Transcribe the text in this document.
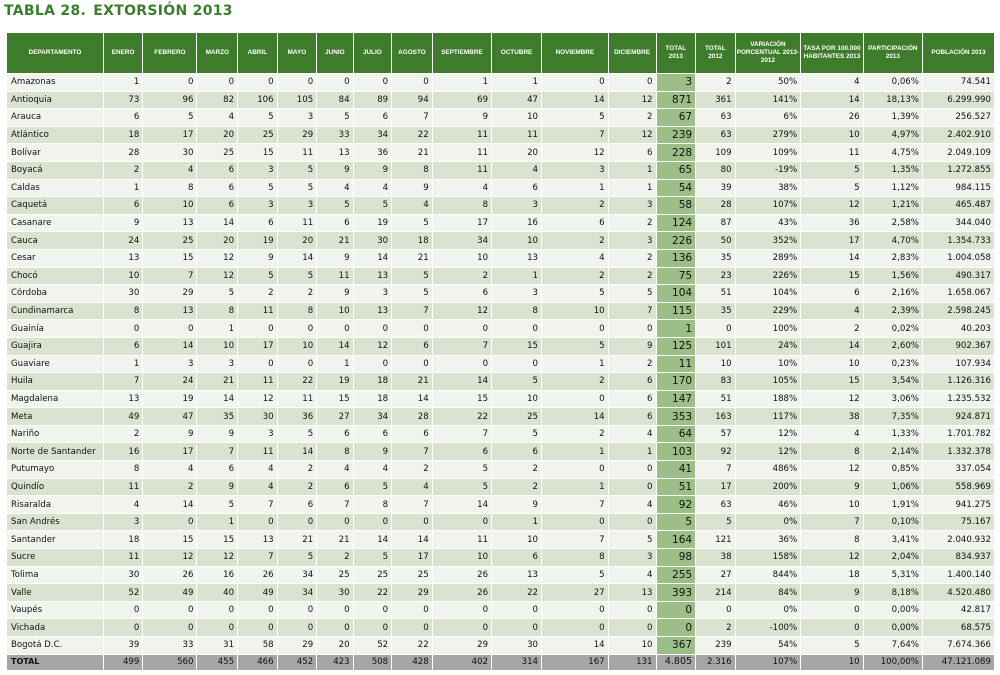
TABLA 28. EXTORSIÓN 2013
DEPARTAMENTO	ENERO	FEBRERO	MARZO	ABRIL	MAYO	JUNIO	JULIO	AGOSTO	SEPTIEMBRE	OCTUBRE	NOVIEMBRE	DICIEMBRE	TOTAL 2013	TOTAL 2012	VARIACIÓN PORCENTUAL 2013-2012	TASA POR 100.000 HABITANTES 2013	PARTICIPACIÓN 2013	POBLACIÓN 2013
Amazonas	1	0	0	0	0	0	0	0	1	1	0	0	3	2	50%	4	0,06%	74.541
Antioquia	73	96	82	106	105	84	89	94	69	47	14	12	871	361	141%	14	18,13%	6.299.990
Arauca	6	5	4	5	3	5	6	7	9	10	5	2	67	63	6%	26	1,39%	256.527
Atlántico	18	17	20	25	29	33	34	22	11	11	7	12	239	63	279%	10	4,97%	2.402.910
Bolívar	28	30	25	15	11	13	36	21	11	20	12	6	228	109	109%	11	4,75%	2.049.109
Boyacá	2	4	6	3	5	9	9	8	11	4	3	1	65	80	-19%	5	1,35%	1.272.855
Caldas	1	8	6	5	5	4	4	9	4	6	1	1	54	39	38%	5	1,12%	984.115
Caquetá	6	10	6	3	3	5	5	4	8	3	2	3	58	28	107%	12	1,21%	465.487
Casanare	9	13	14	6	11	6	19	5	17	16	6	2	124	87	43%	36	2,58%	344.040
Cauca	24	25	20	19	20	21	30	18	34	10	2	3	226	50	352%	17	4,70%	1.354.733
Cesar	13	15	12	9	14	9	14	21	10	13	4	2	136	35	289%	14	2,83%	1.004.058
Chocó	10	7	12	5	5	11	13	5	2	1	2	2	75	23	226%	15	1,56%	490.317
Córdoba	30	29	5	2	2	9	3	5	6	3	5	5	104	51	104%	6	2,16%	1.658.067
Cundinamarca	8	13	8	11	8	10	13	7	12	8	10	7	115	35	229%	4	2,39%	2.598.245
Guainía	0	0	1	0	0	0	0	0	0	0	0	0	1	0	100%	2	0,02%	40.203
Guajira	6	14	10	17	10	14	12	6	7	15	5	9	125	101	24%	14	2,60%	902.367
Guaviare	1	3	3	0	0	1	0	0	0	0	1	2	11	10	10%	10	0,23%	107.934
Huila	7	24	21	11	22	19	18	21	14	5	2	6	170	83	105%	15	3,54%	1.126.316
Magdalena	13	19	14	12	11	15	18	14	15	10	0	6	147	51	188%	12	3,06%	1.235.532
Meta	49	47	35	30	36	27	34	28	22	25	14	6	353	163	117%	38	7,35%	924.871
Nariño	2	9	9	3	5	6	6	6	7	5	2	4	64	57	12%	4	1,33%	1.701.782
Norte de Santander	16	17	7	11	14	8	9	7	6	6	1	1	103	92	12%	8	2,14%	1.332.378
Putumayo	8	4	6	4	2	4	4	2	5	2	0	0	41	7	486%	12	0,85%	337.054
Quindío	11	2	9	4	2	6	5	4	5	2	1	0	51	17	200%	9	1,06%	558.969
Risaralda	4	14	5	7	6	7	8	7	14	9	7	4	92	63	46%	10	1,91%	941.275
San Andrés	3	0	1	0	0	0	0	0	0	1	0	0	5	5	0%	7	0,10%	75.167
Santander	18	15	15	13	21	21	14	14	11	10	7	5	164	121	36%	8	3,41%	2.040.932
Sucre	11	12	12	7	5	2	5	17	10	6	8	3	98	38	158%	12	2,04%	834.937
Tolima	30	26	16	26	34	25	25	25	26	13	5	4	255	27	844%	18	5,31%	1.400.140
Valle	52	49	40	49	34	30	22	29	26	22	27	13	393	214	84%	9	8,18%	4.520.480
Vaupés	0	0	0	0	0	0	0	0	0	0	0	0	0	0	0%	0	0,00%	42.817
Vichada	0	0	0	0	0	0	0	0	0	0	0	0	0	2	-100%	0	0,00%	68.575
Bogotá D.C.	39	33	31	58	29	20	52	22	29	30	14	10	367	239	54%	5	7,64%	7.674.366
TOTAL	499	560	455	466	452	423	508	428	402	314	167	131	4.805	2.316	107%	10	100,00%	47.121.089
